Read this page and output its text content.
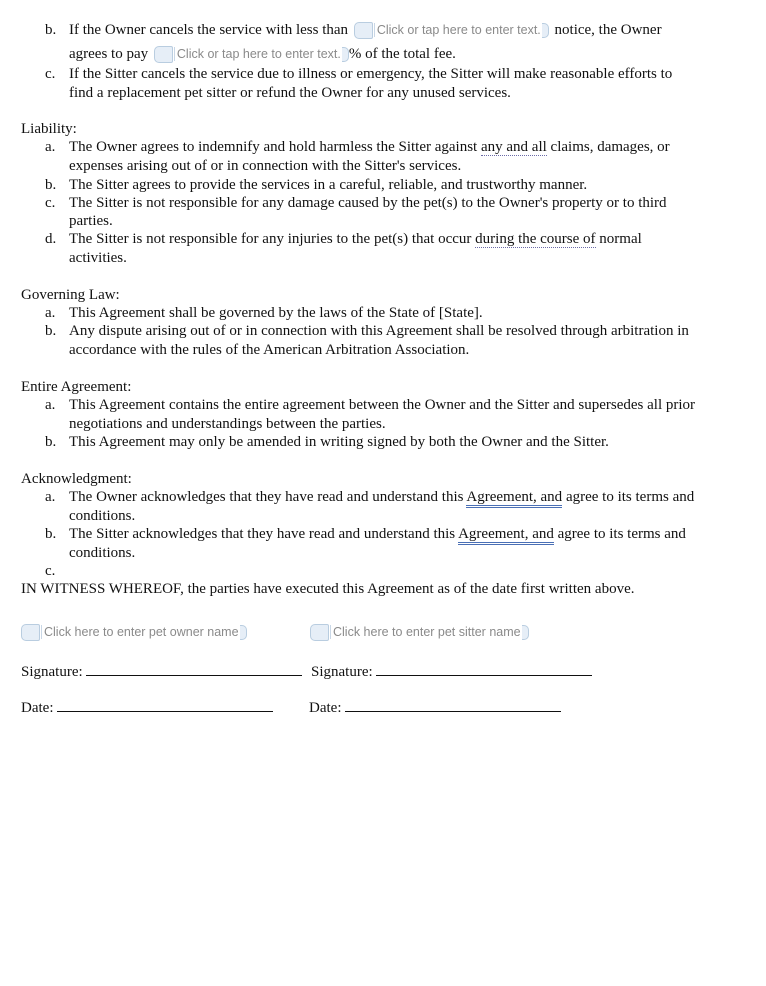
b. If the Owner cancels the service with less than Click or tap here to enter text. notice, the Owner
agrees to pay Click or tap here to enter text. % of the total fee.
c. If the Sitter cancels the service due to illness or emergency, the Sitter will make reasonable efforts to
find a replacement pet sitter or refund the Owner for any unused services.
Liability:
a. The Owner agrees to indemnify and hold harmless the Sitter against any and all claims, damages, or
expenses arising out of or in connection with the Sitter's services.
b. The Sitter agrees to provide the services in a careful, reliable, and trustworthy manner.
c. The Sitter is not responsible for any damage caused by the pet(s) to the Owner's property or to third
parties.
d. The Sitter is not responsible for any injuries to the pet(s) that occur during the course of normal
activities.
Governing Law:
a. This Agreement shall be governed by the laws of the State of [State].
b. Any dispute arising out of or in connection with this Agreement shall be resolved through arbitration in
accordance with the rules of the American Arbitration Association.
Entire Agreement:
a. This Agreement contains the entire agreement between the Owner and the Sitter and supersedes all prior
negotiations and understandings between the parties.
b. This Agreement may only be amended in writing signed by both the Owner and the Sitter.
Acknowledgment:
a. The Owner acknowledges that they have read and understand this Agreement, and agree to its terms and
conditions.
b. The Sitter acknowledges that they have read and understand this Agreement, and agree to its terms and
conditions.
c.
IN WITNESS WHEREOF, the parties have executed this Agreement as of the date first written above.
Click here to enter pet owner name	Click here to enter pet sitter name
Signature:	Signature:
Date:	Date:
